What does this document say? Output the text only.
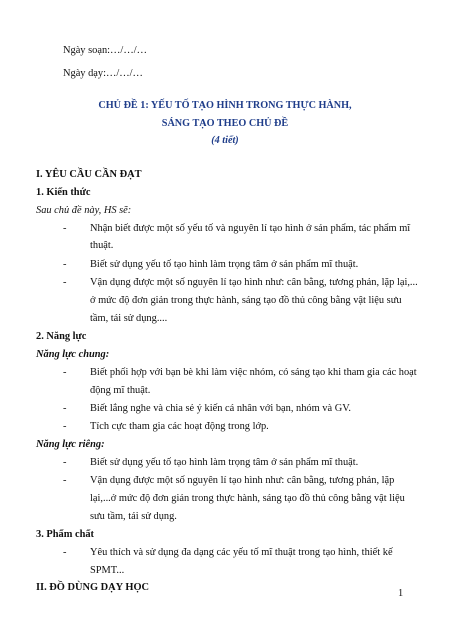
Ngày soạn:…/…/…
Ngày dạy:…/…/…
CHỦ ĐỀ 1: YẾU TỐ TẠO HÌNH TRONG THỰC HÀNH,
SÁNG TẠO THEO CHỦ ĐỀ
(4 tiết)
I. YÊU CẦU CẦN ĐẠT
1. Kiến thức
Sau chủ đề này, HS sẽ:
- Nhận biết được một số yếu tố và nguyên lí tạo hình ở sản phẩm, tác phẩm mĩ
thuật.
- Biết sử dụng yếu tố tạo hình làm trọng tâm ở sản phẩm mĩ thuật.
- Vận dụng được một số nguyên lí tạo hình như: cân bằng, tương phản, lặp lại,...
ở mức độ đơn giản trong thực hành, sáng tạo đồ thủ công bằng vật liệu sưu
tầm, tái sử dụng....
2. Năng lực
Năng lực chung:
- Biết phối hợp với bạn bè khi làm việc nhóm, có sáng tạo khi tham gia các hoạt
động mĩ thuật.
- Biết lắng nghe và chia sẻ ý kiến cá nhân với bạn, nhóm và GV.
- Tích cực tham gia các hoạt động trong lớp.
Năng lực riêng:
- Biết sử dụng yếu tố tạo hình làm trọng tâm ở sản phẩm mĩ thuật.
- Vận dụng được một số nguyên lí tạo hình như: cân bằng, tương phản, lặp
lại,...ở mức độ đơn giản trong thực hành, sáng tạo đồ thủ công bằng vật liệu
sưu tầm, tái sử dụng.
3. Phẩm chất
- Yêu thích và sử dụng đa dạng các yếu tố mĩ thuật trong tạo hình, thiết kế
SPMT...
II. ĐỒ DÙNG DẠY HỌC
1
